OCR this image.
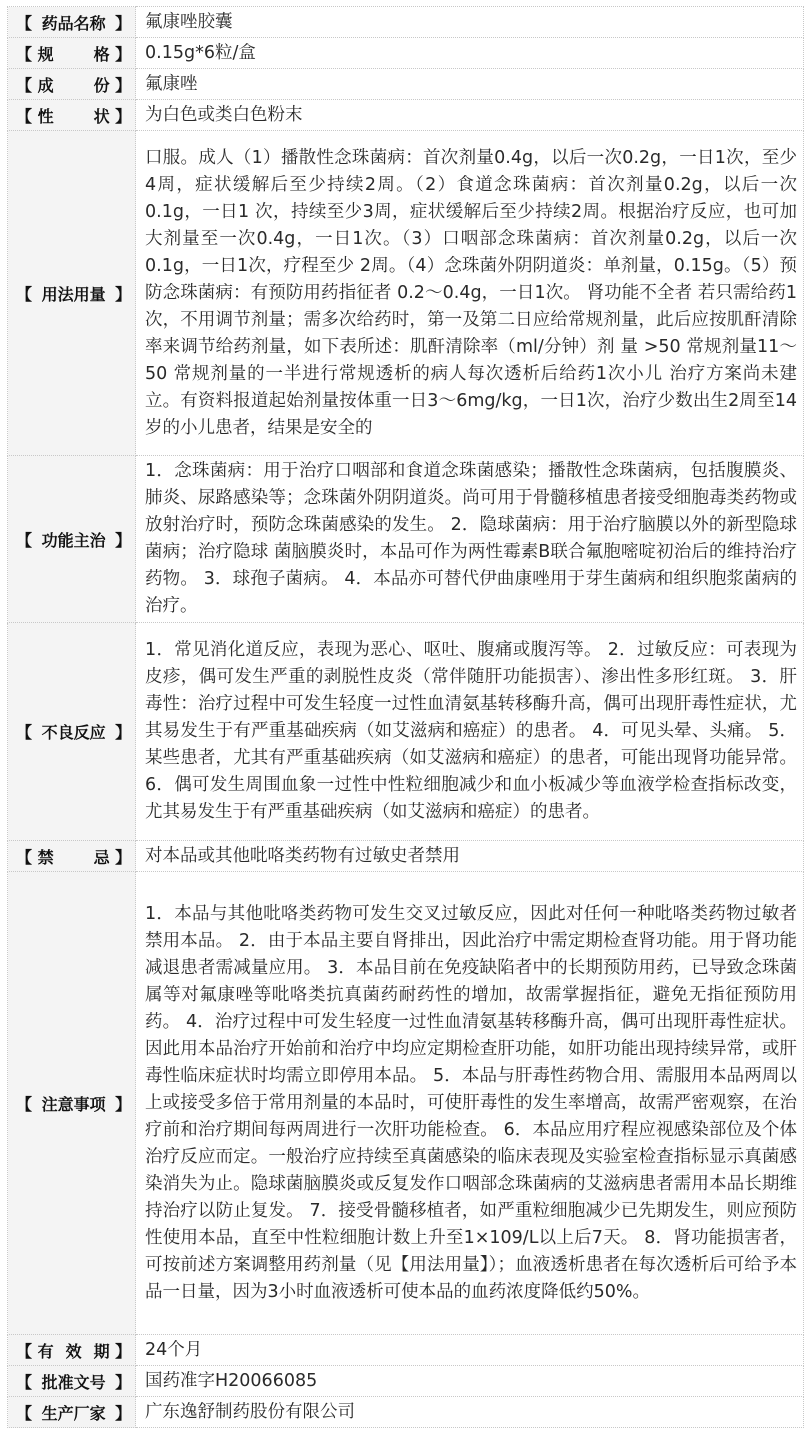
【 药品名称 】	氟康唑胶囊
【 规格 】	0.15g*6粒/盒
【 成份 】	氟康唑
【 性状 】	为白色或类白色粉末
【 用法用量 】	口服。成人（1）播散性念珠菌病：首次剂量0.4g，以后一次0.2g，一日1次，至少4周，症状缓解后至少持续2周。（2）食道念珠菌病：首次剂量0.2g，以后一次0.1g，一日1 次，持续至少3周，症状缓解后至少持续2周。根据治疗反应，也可加大剂量至一次0.4g，一日1次。（3）口咽部念珠菌病：首次剂量0.2g，以后一次0.1g，一日1次，疗程至少 2周。（4）念珠菌外阴阴道炎：单剂量，0.15g。（5）预防念珠菌病：有预防用药指征者 0.2～0.4g，一日1次。 肾功能不全者 若只需给药1次，不用调节剂量；需多次给药时，第一及第二日应给常规剂量，此后应按肌酐清除率来调节给药剂量，如下表所述：肌酐清除率（ml/分钟）剂 量 >50 常规剂量11～50 常规剂量的一半进行常规透析的病人每次透析后给药1次小儿 治疗方案尚未建立。有资料报道起始剂量按体重一日3～6mg/kg，一日1次，治疗少数出生2周至14岁的小儿患者，结果是安全的
【 功能主治 】	1．念珠菌病：用于治疗口咽部和食道念珠菌感染；播散性念珠菌病，包括腹膜炎、肺炎、尿路感染等；念珠菌外阴阴道炎。尚可用于骨髓移植患者接受细胞毒类药物或放射治疗时，预防念珠菌感染的发生。 2．隐球菌病：用于治疗脑膜以外的新型隐球菌病；治疗隐球 菌脑膜炎时，本品可作为两性霉素B联合氟胞嘧啶初治后的维持治疗药物。 3．球孢子菌病。 4．本品亦可替代伊曲康唑用于芽生菌病和组织胞浆菌病的治疗。
【 不良反应 】	1．常见消化道反应，表现为恶心、呕吐、腹痛或腹泻等。 2．过敏反应：可表现为皮疹，偶可发生严重的剥脱性皮炎（常伴随肝功能损害）、渗出性多形红斑。 3．肝毒性：治疗过程中可发生轻度一过性血清氨基转移酶升高，偶可出现肝毒性症状，尤其易发生于有严重基础疾病（如艾滋病和癌症）的患者。 4．可见头晕、头痛。 5．某些患者，尤其有严重基础疾病（如艾滋病和癌症）的患者，可能出现肾功能异常。 6．偶可发生周围血象一过性中性粒细胞减少和血小板减少等血液学检查指标改变，尤其易发生于有严重基础疾病（如艾滋病和癌症）的患者。
【 禁忌 】	对本品或其他吡咯类药物有过敏史者禁用
【 注意事项 】	1．本品与其他吡咯类药物可发生交叉过敏反应，因此对任何一种吡咯类药物过敏者禁用本品。 2．由于本品主要自肾排出，因此治疗中需定期检查肾功能。用于肾功能减退患者需减量应用。 3．本品目前在免疫缺陷者中的长期预防用药，已导致念珠菌属等对氟康唑等吡咯类抗真菌药耐药性的增加，故需掌握指征，避免无指征预防用药。 4．治疗过程中可发生轻度一过性血清氨基转移酶升高，偶可出现肝毒性症状。因此用本品治疗开始前和治疗中均应定期检查肝功能，如肝功能出现持续异常，或肝毒性临床症状时均需立即停用本品。 5．本品与肝毒性药物合用、需服用本品两周以上或接受多倍于常用剂量的本品时，可使肝毒性的发生率增高，故需严密观察，在治疗前和治疗期间每两周进行一次肝功能检查。 6．本品应用疗程应视感染部位及个体治疗反应而定。一般治疗应持续至真菌感染的临床表现及实验室检查指标显示真菌感染消失为止。隐球菌脑膜炎或反复发作口咽部念珠菌病的艾滋病患者需用本品长期维持治疗以防止复发。 7．接受骨髓移植者，如严重粒细胞减少已先期发生，则应预防性使用本品，直至中性粒细胞计数上升至1×109/L以上后7天。 8．肾功能损害者，可按前述方案调整用药剂量（见【用法用量】）；血液透析患者在每次透析后可给予本品一日量，因为3小时血液透析可使本品的血药浓度降低约50%。
【 有效期 】	24个月
【 批准文号 】	国药准字H20066085
【 生产厂家 】	广东逸舒制药股份有限公司
